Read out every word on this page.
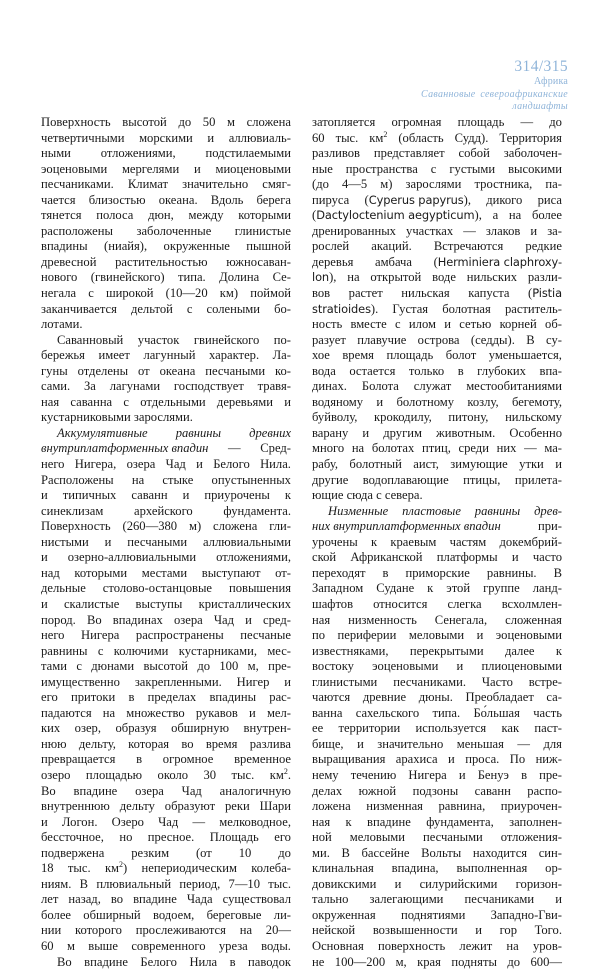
314/315
Африка
Саванновые североафриканские
ландшафты
Поверхность высотой до 50 м сложена
четвертичными морскими и аллювиаль-
ными отложениями, подстилаемыми
эоценовыми мергелями и миоценовыми
песчаниками. Климат значительно смяг-
чается близостью океана. Вдоль берега
тянется полоса дюн, между которыми
расположены заболоченные глинистые
впадины (ниайя), окруженные пышной
древесной растительностью южносаван-
нового (гвинейского) типа. Долина Се-
негала с широкой (10—20 км) поймой
заканчивается дельтой с солеными бо-
лотами.
Саванновый участок гвинейского по-
бережья имеет лагунный характер. Ла-
гуны отделены от океана песчаными ко-
сами. За лагунами господствует травя-
ная саванна с отдельными деревьями и
кустарниковыми зарослями.
Аккумулятивные равнины древних
внутриплатформенных впадин — Сред-
него Нигера, озера Чад и Белого Нила.
Расположены на стыке опустыненных
и типичных саванн и приурочены к
синеклизам архейского фундамента.
Поверхность (260—380 м) сложена гли-
нистыми и песчаными аллювиальными
и озерно-аллювиальными отложениями,
над которыми местами выступают от-
дельные столово-останцовые повышения
и скалистые выступы кристаллических
пород. Во впадинах озера Чад и сред-
него Нигера распространены песчаные
равнины с колючими кустарниками, мес-
тами с дюнами высотой до 100 м, пре-
имущественно закрепленными. Нигер и
его притоки в пределах впадины рас-
падаются на множество рукавов и мел-
ких озер, образуя обширную внутрен-
нюю дельту, которая во время разлива
превращается в огромное временное
озеро площадью около 30 тыс. $км^2$.
Во впадине озера Чад аналогичную
внутреннюю дельту образуют реки Шари
и Логон. Озеро Чад — мелководное,
бессточное, но пресное. Площадь его
подвержена резким (от 10 до
18 тыс. $км^2$) непериодическим колеба-
ниям. В плювиальный период, 7—10 тыс.
лет назад, во впадине Чада существовал
более обширный водоем, береговые ли-
нии которого прослеживаются на 20—
60 м выше современного уреза воды.
Во впадине Белого Нила в паводок
затопляется огромная площадь — до
60 тыс. $км^2$ (область Судд). Территория
разливов представляет собой заболочен-
ные пространства с густыми высокими
(до 4—5 м) зарослями тростника, па-
пируса (Cyperus papyrus), дикого риса
(Dactyloctenium aegypticum), а на более
дренированных участках — злаков и за-
рослей акаций. Встречаются редкие
деревья амбача (Herminiera claphroxy-
lon), на открытой воде нильских разли-
вов растет нильская капуста (Pistia
stratioides). Густая болотная раститель-
ность вместе с илом и сетью корней об-
разует плавучие острова (седды). В су-
хое время площадь болот уменьшается,
вода остается только в глубоких впа-
динах. Болота служат местообитаниями
водяному и болотному козлу, бегемоту,
буйволу, крокодилу, питону, нильскому
варану и другим животным. Особенно
много на болотах птиц, среди них — ма-
рабу, болотный аист, зимующие утки и
другие водоплавающие птицы, прилета-
ющие сюда с севера.
Низменные пластовые равнины древ-
них внутриплатформенных впадин	при-
урочены к краевым частям докембрий-
ской Африканской платформы и часто
переходят в приморские равнины. В
Западном Судане к этой группе ланд-
шафтов относится слегка всхолмлен-
ная низменность Сенегала, сложенная
по периферии меловыми и эоценовыми
известняками, перекрытыми далее к
востоку эоценовыми и плиоценовыми
глинистыми песчаниками. Часто встре-
чаются древние дюны. Преобладает са-
ванна сахельского типа. Бо́льшая часть
ее территории используется как паст-
бище, и значительно меньшая — для
выращивания арахиса и проса. По ниж-
нему течению Нигера и Бенуэ в пре-
делах южной подзоны саванн распо-
ложена низменная равнина, приурочен-
ная к впадине фундамента, заполнен-
ной меловыми песчаными отложения-
ми. В бассейне Вольты находится син-
клинальная впадина, выполненная ор-
довикскими и силурийскими горизон-
тально залегающими песчаниками и
окруженная поднятиями Западно-Гви-
нейской возвышенности и гор Того.
Основная поверхность лежит на уров-
не 100—200 м, края подняты до 600—
